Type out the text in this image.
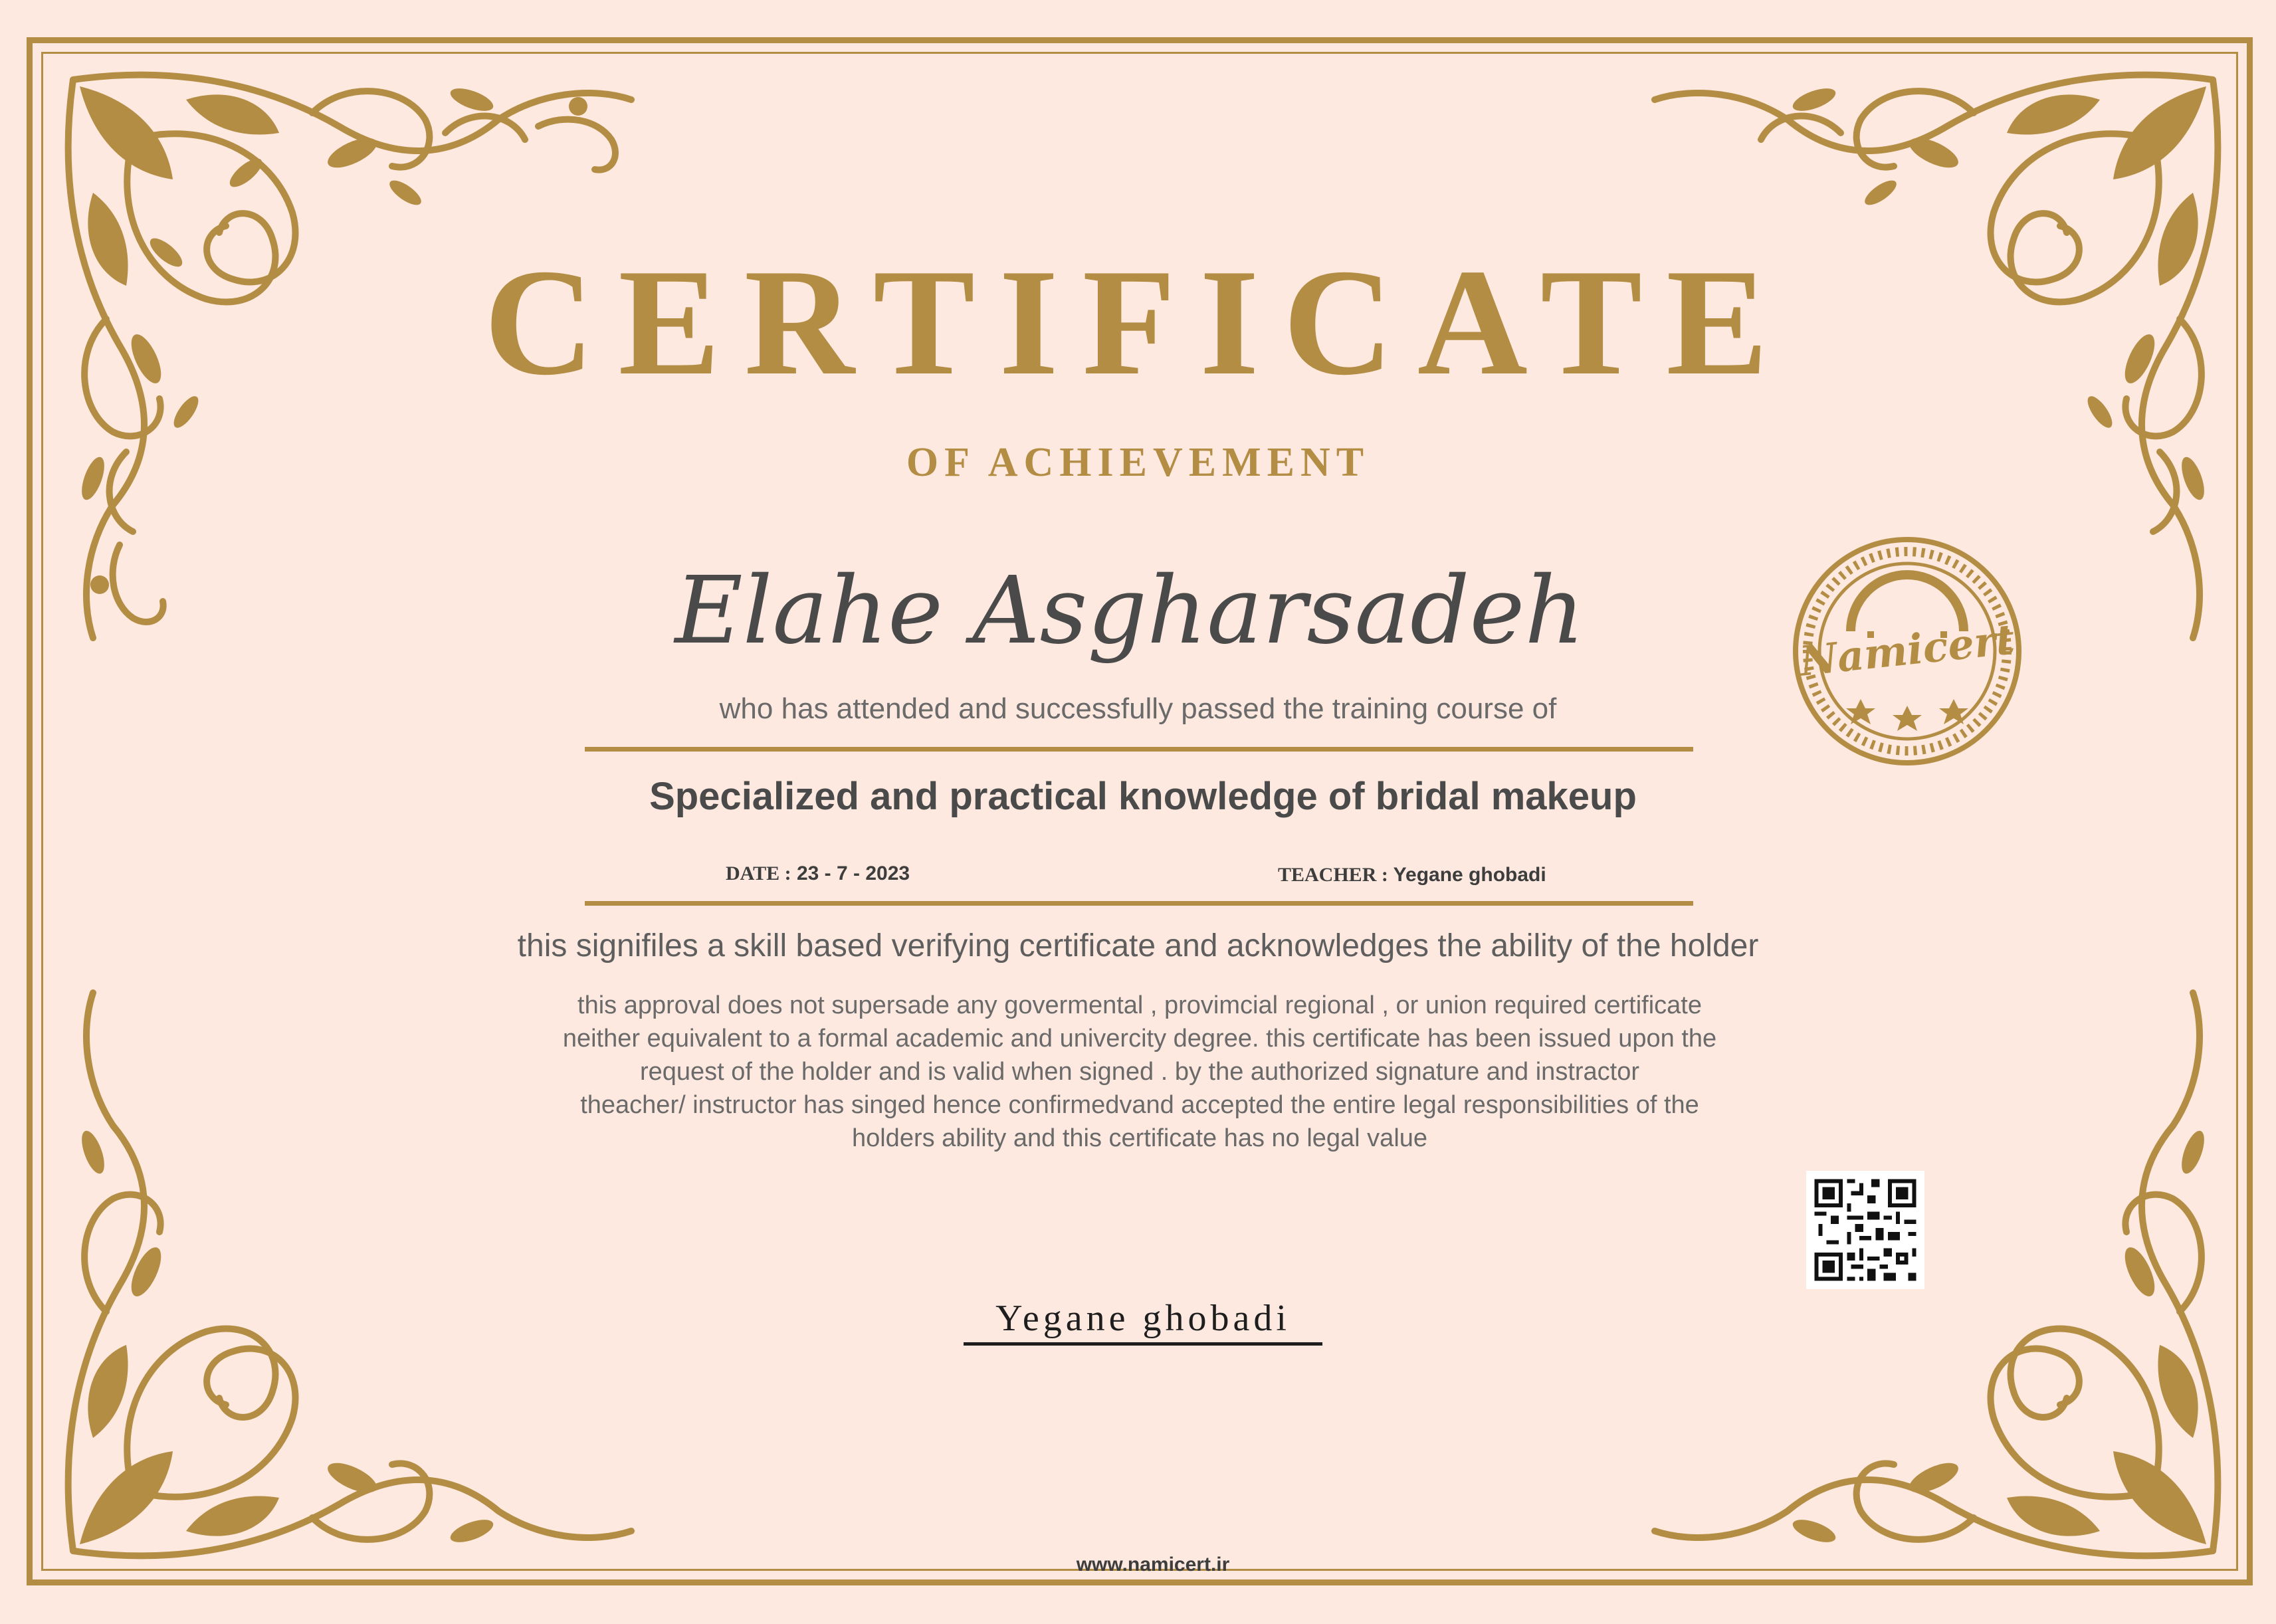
CERTIFICATE
OF ACHIEVEMENT
Elahe Asgharsadeh
who has attended and successfully passed the training course of
Specialized and practical knowledge of bridal makeup
DATE : 23 - 7 - 2023	TEACHER : Yegane ghobadi
this signifiles a skill based verifying certificate and acknowledges the ability of the holder
this approval does not supersade any govermental , provimcial regional , or union required certificate
neither equivalent to a formal academic and univercity degree. this certificate has been issued upon the
request of the holder and is valid when signed . by the authorized signature and instractor
theacher/ instructor has singed hence confirmedvand accepted the entire legal responsibilities of the
holders ability and this certificate has no legal value
Namicert
Yegane ghobadi
www.namicert.ir
